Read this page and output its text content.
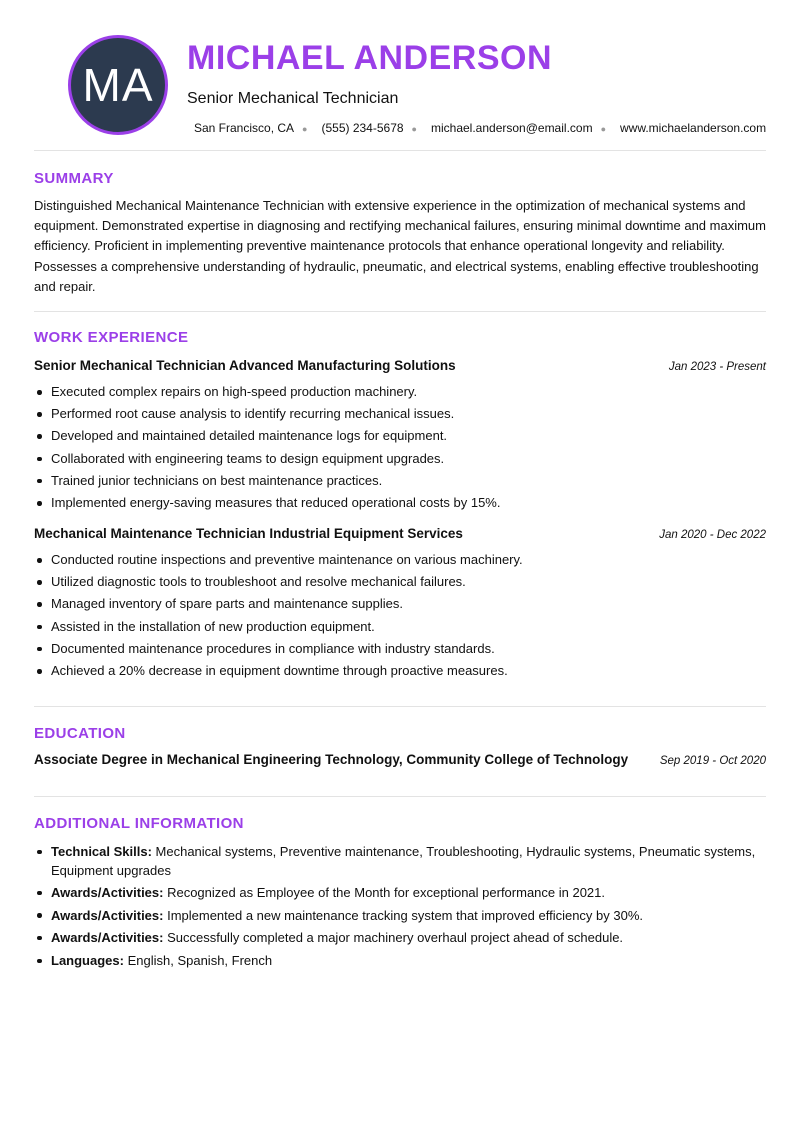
MA
MICHAEL ANDERSON
Senior Mechanical Technician
San Francisco, CA ● (555) 234-5678 ● michael.anderson@email.com ● www.michaelanderson.com
SUMMARY

Distinguished Mechanical Maintenance Technician with extensive experience in the optimization of mechanical systems and equipment. Demonstrated expertise in diagnosing and rectifying mechanical failures, ensuring minimal downtime and maximum efficiency. Proficient in implementing preventive maintenance protocols that enhance operational longevity and reliability. Possesses a comprehensive understanding of hydraulic, pneumatic, and electrical systems, enabling effective troubleshooting and repair.

WORK EXPERIENCE
Senior Mechanical Technician Advanced Manufacturing Solutions	Jan 2023 - Present
Executed complex repairs on high-speed production machinery.
Performed root cause analysis to identify recurring mechanical issues.
Developed and maintained detailed maintenance logs for equipment.
Collaborated with engineering teams to design equipment upgrades.
Trained junior technicians on best maintenance practices.
Implemented energy-saving measures that reduced operational costs by 15%.
Mechanical Maintenance Technician Industrial Equipment Services	Jan 2020 - Dec 2022
Conducted routine inspections and preventive maintenance on various machinery.
Utilized diagnostic tools to troubleshoot and resolve mechanical failures.
Managed inventory of spare parts and maintenance supplies.
Assisted in the installation of new production equipment.
Documented maintenance procedures in compliance with industry standards.
Achieved a 20% decrease in equipment downtime through proactive measures.
EDUCATION
Associate Degree in Mechanical Engineering Technology, Community College of Technology	Sep 2019 - Oct 2020
ADDITIONAL INFORMATION
Technical Skills: Mechanical systems, Preventive maintenance, Troubleshooting, Hydraulic systems, Pneumatic systems, Equipment upgrades
Awards/Activities: Recognized as Employee of the Month for exceptional performance in 2021.
Awards/Activities: Implemented a new maintenance tracking system that improved efficiency by 30%.
Awards/Activities: Successfully completed a major machinery overhaul project ahead of schedule.
Languages: English, Spanish, French
